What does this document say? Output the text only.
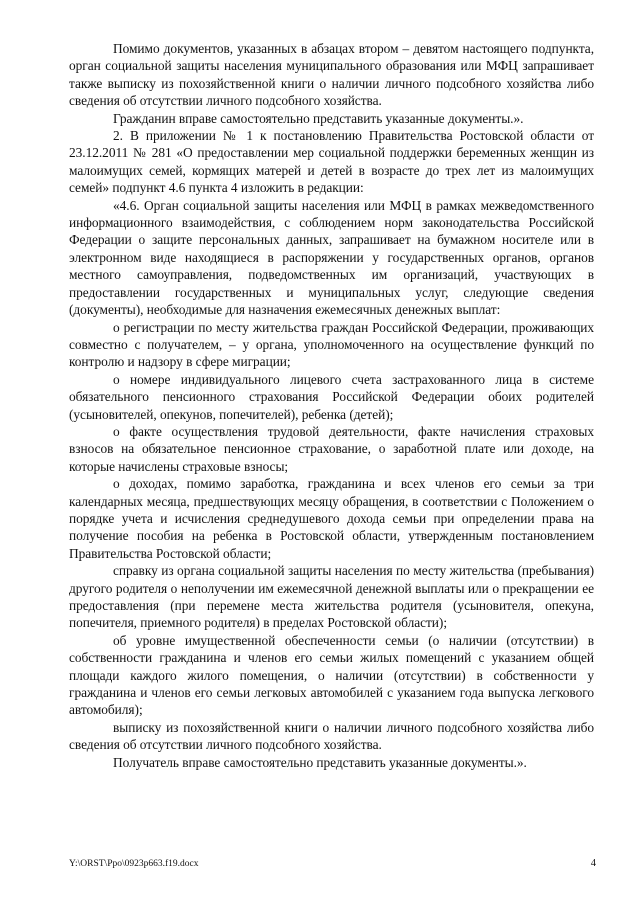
Помимо документов, указанных в абзацах втором – девятом настоящего подпункта, орган социальной защиты населения муниципального образования или МФЦ запрашивает также выписку из похозяйственной книги о наличии личного подсобного хозяйства либо сведения об отсутствии личного подсобного хозяйства.

Гражданин вправе самостоятельно представить указанные документы.».

2. В приложении № 1 к постановлению Правительства Ростовской области от 23.12.2011 № 281 «О предоставлении мер социальной поддержки беременных женщин из малоимущих семей, кормящих матерей и детей в возрасте до трех лет из малоимущих семей» подпункт 4.6 пункта 4 изложить в редакции:

«4.6. Орган социальной защиты населения или МФЦ в рамках межведомственного информационного взаимодействия, с соблюдением норм законодательства Российской Федерации о защите персональных данных, запрашивает на бумажном носителе или в электронном виде находящиеся в распоряжении у государственных органов, органов местного самоуправления, подведомственных им организаций, участвующих в предоставлении государственных и муниципальных услуг, следующие сведения (документы), необходимые для назначения ежемесячных денежных выплат:

о регистрации по месту жительства граждан Российской Федерации, проживающих совместно с получателем, – у органа, уполномоченного на осуществление функций по контролю и надзору в сфере миграции;

о номере индивидуального лицевого счета застрахованного лица в системе обязательного пенсионного страхования Российской Федерации обоих родителей (усыновителей, опекунов, попечителей), ребенка (детей);

о факте осуществления трудовой деятельности, факте начисления страховых взносов на обязательное пенсионное страхование, о заработной плате или доходе, на которые начислены страховые взносы;

о доходах, помимо заработка, гражданина и всех членов его семьи за три календарных месяца, предшествующих месяцу обращения, в соответствии с Положением о порядке учета и исчисления среднедушевого дохода семьи при определении права на получение пособия на ребенка в Ростовской области, утвержденным постановлением Правительства Ростовской области;

справку из органа социальной защиты населения по месту жительства (пребывания) другого родителя о неполучении им ежемесячной денежной выплаты или о прекращении ее предоставления (при перемене места жительства родителя (усыновителя, опекуна, попечителя, приемного родителя) в пределах Ростовской области);

об уровне имущественной обеспеченности семьи (о наличии (отсутствии) в собственности гражданина и членов его семьи жилых помещений с указанием общей площади каждого жилого помещения, о наличии (отсутствии) в собственности у гражданина и членов его семьи легковых автомобилей с указанием года выпуска легкового автомобиля);

выписку из похозяйственной книги о наличии личного подсобного хозяйства либо сведения об отсутствии личного подсобного хозяйства.

Получатель вправе самостоятельно представить указанные документы.».

Y:\ORST\Ppo\0923p663.f19.docx	4
